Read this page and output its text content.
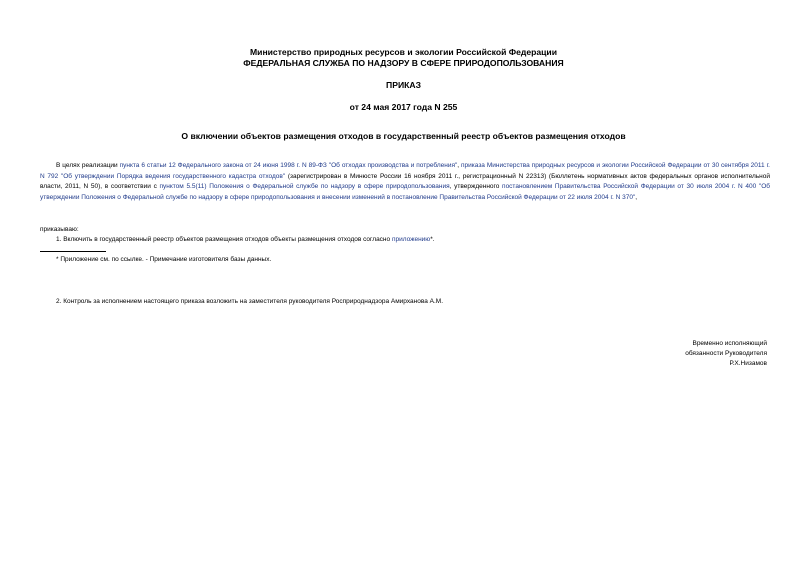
Министерство природных ресурсов и экологии Российской Федерации
ФЕДЕРАЛЬНАЯ СЛУЖБА ПО НАДЗОРУ В СФЕРЕ ПРИРОДОПОЛЬЗОВАНИЯ
ПРИКАЗ
от 24 мая 2017 года N 255
О включении объектов размещения отходов в государственный реестр объектов размещения отходов
В целях реализации пункта 6 статьи 12 Федерального закона от 24 июня 1998 г. N 89-ФЗ "Об отходах производства и потребления", приказа Министерства природных ресурсов и экологии Российской Федерации от 30 сентября 2011 г. N 792 "Об утверждении Порядка ведения государственного кадастра отходов" (зарегистрирован в Минюсте России 16 ноября 2011 г., регистрационный N 22313) (Бюллетень нормативных актов федеральных органов исполнительной власти, 2011, N 50), в соответствии с пунктом 5.5(11) Положения о Федеральной службе по надзору в сфере природопользования, утвержденного постановлением Правительства Российской Федерации от 30 июля 2004 г. N 400 "Об утверждении Положения о Федеральной службе по надзору в сфере природопользования и внесении изменений в постановление Правительства Российской Федерации от 22 июля 2004 г. N 370",
приказываю:
1. Включить в государственный реестр объектов размещения отходов объекты размещения отходов согласно приложению*.
* Приложение см. по ссылке. - Примечание изготовителя базы данных.
2. Контроль за исполнением настоящего приказа возложить на заместителя руководителя Росприроднадзора Амирханова А.М.
Временно исполняющий
обязанности Руководителя
Р.Х.Низамов
